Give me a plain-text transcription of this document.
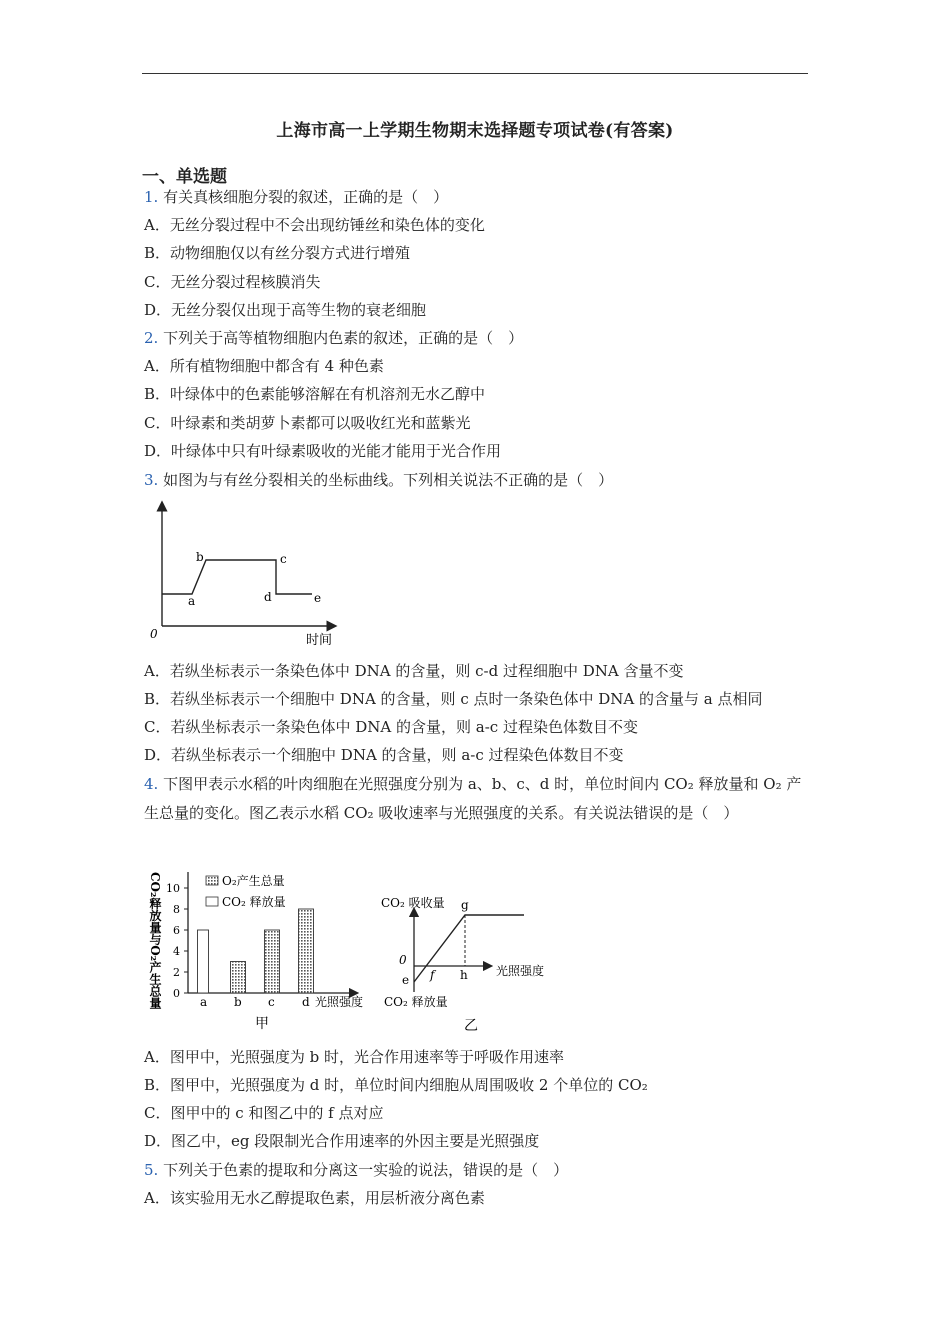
上海市高一上学期生物期末选择题专项试卷(有答案)
一、单选题
1. 有关真核细胞分裂的叙述，正确的是（　）
A．无丝分裂过程中不会出现纺锤丝和染色体的变化
B．动物细胞仅以有丝分裂方式进行增殖
C．无丝分裂过程核膜消失
D．无丝分裂仅出现于高等生物的衰老细胞
2. 下列关于高等植物细胞内色素的叙述，正确的是（　）
A．所有植物细胞中都含有 4 种色素
B．叶绿体中的色素能够溶解在有机溶剂无水乙醇中
C．叶绿素和类胡萝卜素都可以吸收红光和蓝紫光
D．叶绿体中只有叶绿素吸收的光能才能用于光合作用
3. 如图为与有丝分裂相关的坐标曲线。下列相关说法不正确的是（　）
0
a
b	c
d	e
时间
A．若纵坐标表示一条染色体中 DNA 的含量，则 c-d 过程细胞中 DNA 含量不变
B．若纵坐标表示一个细胞中 DNA 的含量，则 c 点时一条染色体中 DNA 的含量与 a 点相同
C．若纵坐标表示一条染色体中 DNA 的含量，则 a-c 过程染色体数目不变
D．若纵坐标表示一个细胞中 DNA 的含量，则 a-c 过程染色体数目不变
4. 下图甲表示水稻的叶肉细胞在光照强度分别为 a、b、c、d 时，单位时间内 CO₂ 释放量和 O₂ 产生总量的变化。图乙表示水稻 CO₂ 吸收速率与光照强度的关系。有关说法错误的是（　）
CO₂释放量与O₂产生总量 0
2
4
6
8
10
a b c d
O₂产生总量
CO₂ 释放量
光照强度
甲
CO₂ 吸收量
0
e f
g
h 光照强度
CO₂ 释放量
乙
A．图甲中，光照强度为 b 时，光合作用速率等于呼吸作用速率
B．图甲中，光照强度为 d 时，单位时间内细胞从周围吸收 2 个单位的 CO₂
C．图甲中的 c 和图乙中的 f 点对应
D．图乙中，eg 段限制光合作用速率的外因主要是光照强度
5. 下列关于色素的提取和分离这一实验的说法，错误的是（　）
A．该实验用无水乙醇提取色素，用层析液分离色素
